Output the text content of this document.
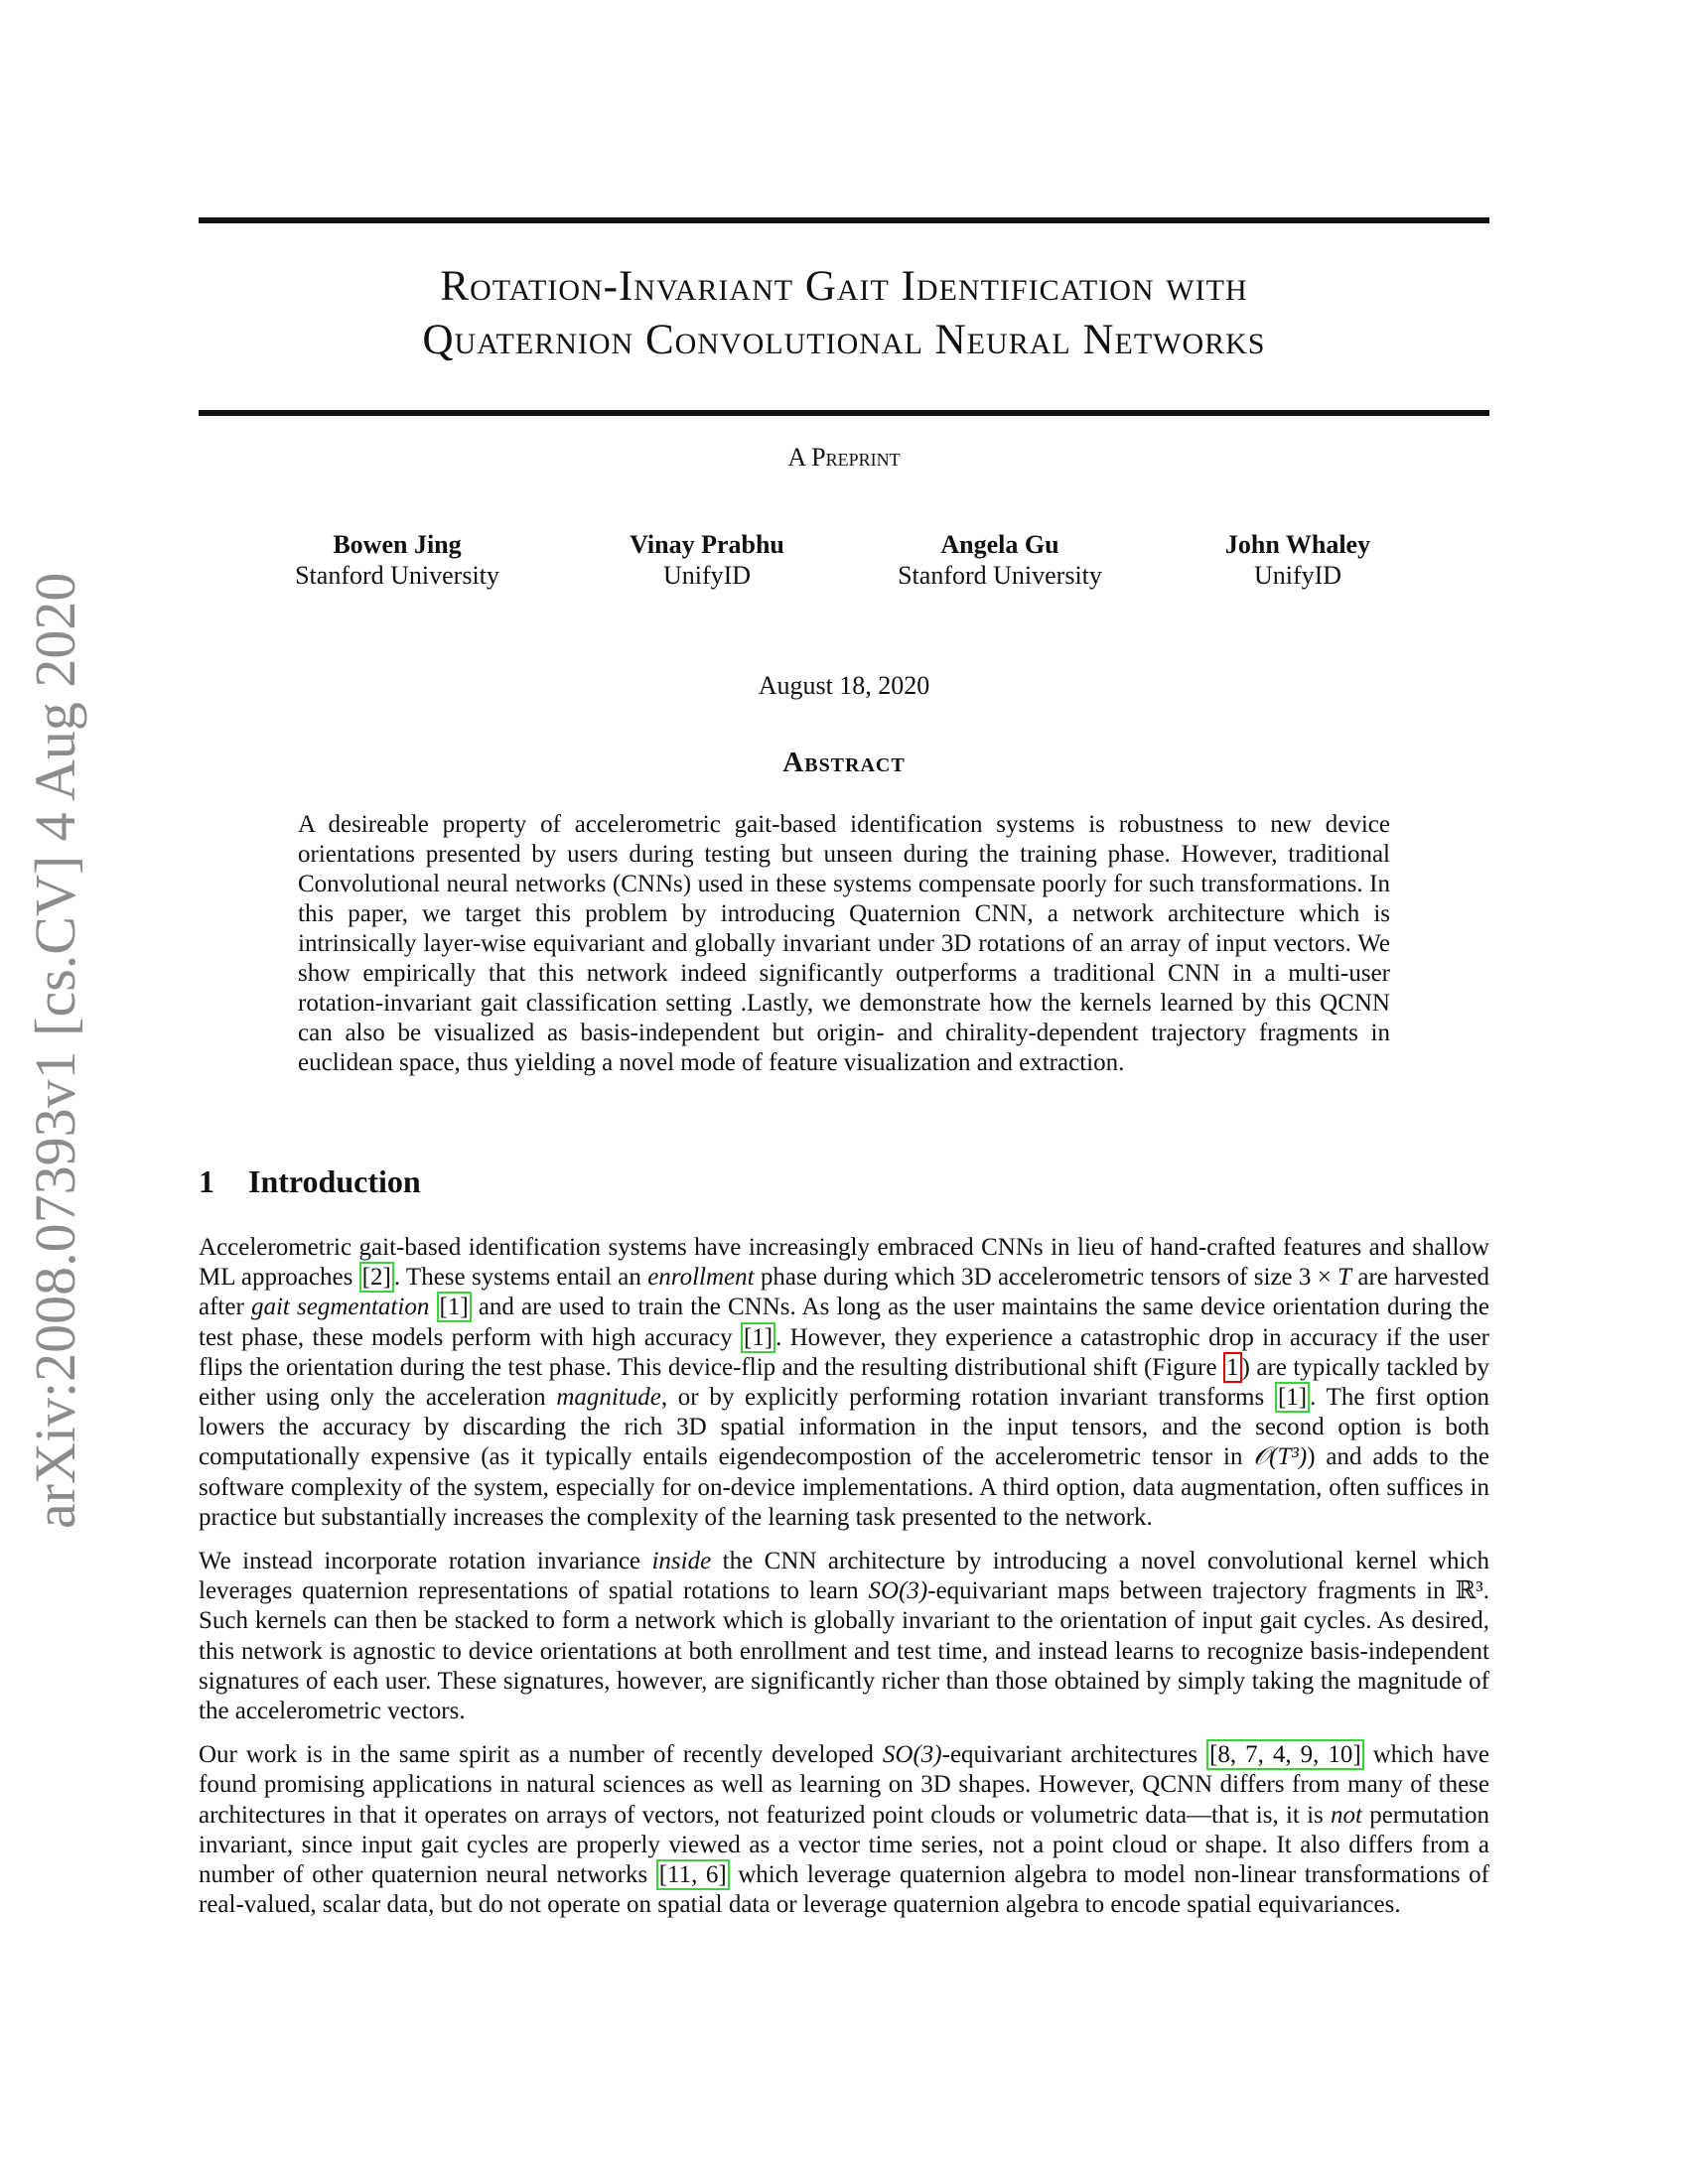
arXiv:2008.07393v1 [cs.CV] 4 Aug 2020
Rotation-Invariant Gait Identification with
Quaternion Convolutional Neural Networks
A Preprint
Bowen Jing
Stanford University
Vinay Prabhu
UnifyID
Angela Gu
Stanford University
John Whaley
UnifyID
August 18, 2020
Abstract
A desireable property of accelerometric gait-based identification systems is robustness to new device orientations presented by users during testing but unseen during the training phase. However, traditional Convolutional neural networks (CNNs) used in these systems compensate poorly for such transformations. In this paper, we target this problem by introducing Quaternion CNN, a network architecture which is intrinsically layer-wise equivariant and globally invariant under 3D rotations of an array of input vectors. We show empirically that this network indeed significantly outperforms a traditional CNN in a multi-user rotation-invariant gait classification setting .Lastly, we demonstrate how the kernels learned by this QCNN can also be visualized as basis-independent but origin- and chirality-dependent trajectory fragments in euclidean space, thus yielding a novel mode of feature visualization and extraction.
1 Introduction

Accelerometric gait-based identification systems have increasingly embraced CNNs in lieu of hand-crafted features and shallow ML approaches [2] . These systems entail an enrollment phase during which 3D accelerometric tensors of size 3 × T are harvested after gait segmentation [1] and are used to train the CNNs. As long as the user maintains the same device orientation during the test phase, these models perform with high accuracy [1] . However, they experience a catastrophic drop in accuracy if the user flips the orientation during the test phase. This device-flip and the resulting distributional shift (Figure 1 ) are typically tackled by either using only the acceleration magnitude, or by explicitly performing rotation invariant transforms [1] . The first option lowers the accuracy by discarding the rich 3D spatial information in the input tensors, and the second option is both computationally expensive (as it typically entails eigendecompostion of the accelerometric tensor in 𝒪(T³)) and adds to the software complexity of the system, especially for on-device implementations. A third option, data augmentation, often suffices in practice but substantially increases the complexity of the learning task presented to the network.

We instead incorporate rotation invariance inside the CNN architecture by introducing a novel convolutional kernel which leverages quaternion representations of spatial rotations to learn SO(3)-equivariant maps between trajectory fragments in ℝ³. Such kernels can then be stacked to form a network which is globally invariant to the orientation of input gait cycles. As desired, this network is agnostic to device orientations at both enrollment and test time, and instead learns to recognize basis-independent signatures of each user. These signatures, however, are significantly richer than those obtained by simply taking the magnitude of the accelerometric vectors.

Our work is in the same spirit as a number of recently developed SO(3)-equivariant architectures [8, 7, 4, 9, 10] which have found promising applications in natural sciences as well as learning on 3D shapes. However, QCNN differs from many of these architectures in that it operates on arrays of vectors, not featurized point clouds or volumetric data—that is, it is not permutation invariant, since input gait cycles are properly viewed as a vector time series, not a point cloud or shape. It also differs from a number of other quaternion neural networks [11, 6] which leverage quaternion algebra to model non-linear transformations of real-valued, scalar data, but do not operate on spatial data or leverage quaternion algebra to encode spatial equivariances.
